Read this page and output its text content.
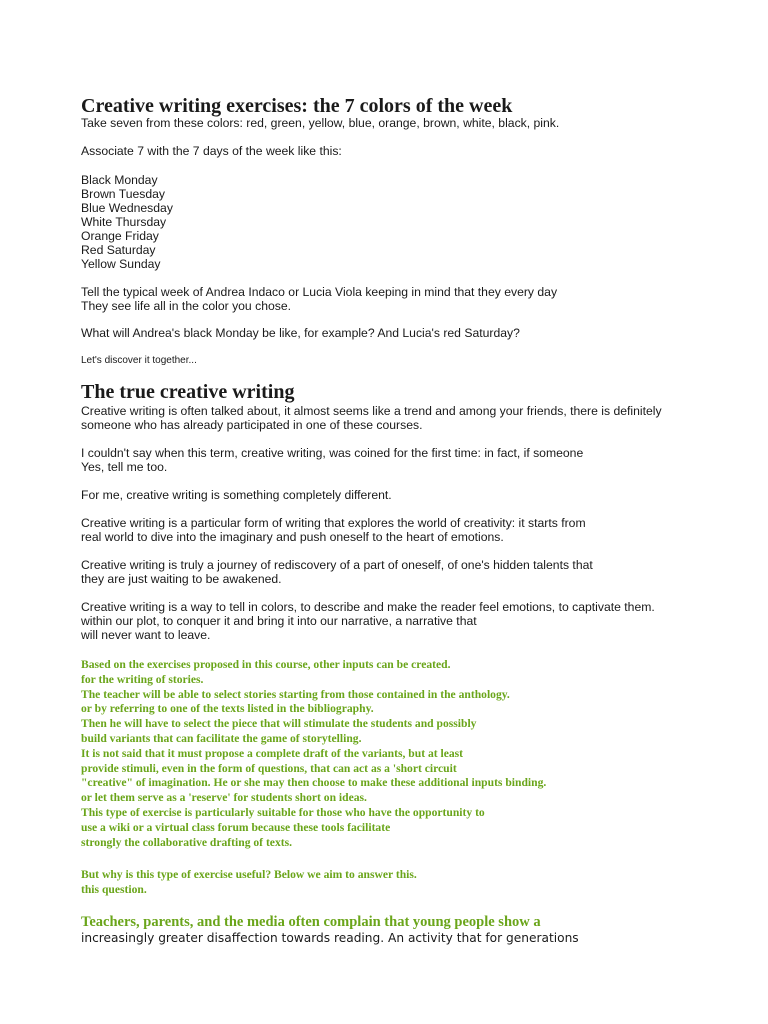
Creative writing exercises: the 7 colors of the week

Take seven from these colors: red, green, yellow, blue, orange, brown, white, black, pink.

Associate 7 with the 7 days of the week like this:

Black Monday
Brown Tuesday
Blue Wednesday
White Thursday
Orange Friday
Red Saturday
Yellow Sunday

Tell the typical week of Andrea Indaco or Lucia Viola keeping in mind that they every day
They see life all in the color you chose.

What will Andrea's black Monday be like, for example? And Lucia's red Saturday?

Let's discover it together...

The true creative writing

Creative writing is often talked about, it almost seems like a trend and among your friends, there is definitely
someone who has already participated in one of these courses.

I couldn't say when this term, creative writing, was coined for the first time: in fact, if someone
Yes, tell me too.

For me, creative writing is something completely different.

Creative writing is a particular form of writing that explores the world of creativity: it starts from
real world to dive into the imaginary and push oneself to the heart of emotions.

Creative writing is truly a journey of rediscovery of a part of oneself, of one's hidden talents that
they are just waiting to be awakened.

Creative writing is a way to tell in colors, to describe and make the reader feel emotions, to captivate them.
within our plot, to conquer it and bring it into our narrative, a narrative that
will never want to leave.

Based on the exercises proposed in this course, other inputs can be created.
for the writing of stories.
The teacher will be able to select stories starting from those contained in the anthology.
or by referring to one of the texts listed in the bibliography.
Then he will have to select the piece that will stimulate the students and possibly
build variants that can facilitate the game of storytelling.
It is not said that it must propose a complete draft of the variants, but at least
provide stimuli, even in the form of questions, that can act as a 'short circuit
"creative" of imagination. He or she may then choose to make these additional inputs binding.
or let them serve as a 'reserve' for students short on ideas.
This type of exercise is particularly suitable for those who have the opportunity to
use a wiki or a virtual class forum because these tools facilitate
strongly the collaborative drafting of texts.

But why is this type of exercise useful? Below we aim to answer this.
this question.

Teachers, parents, and the media often complain that young people show a
increasingly greater disaffection towards reading. An activity that for generations
